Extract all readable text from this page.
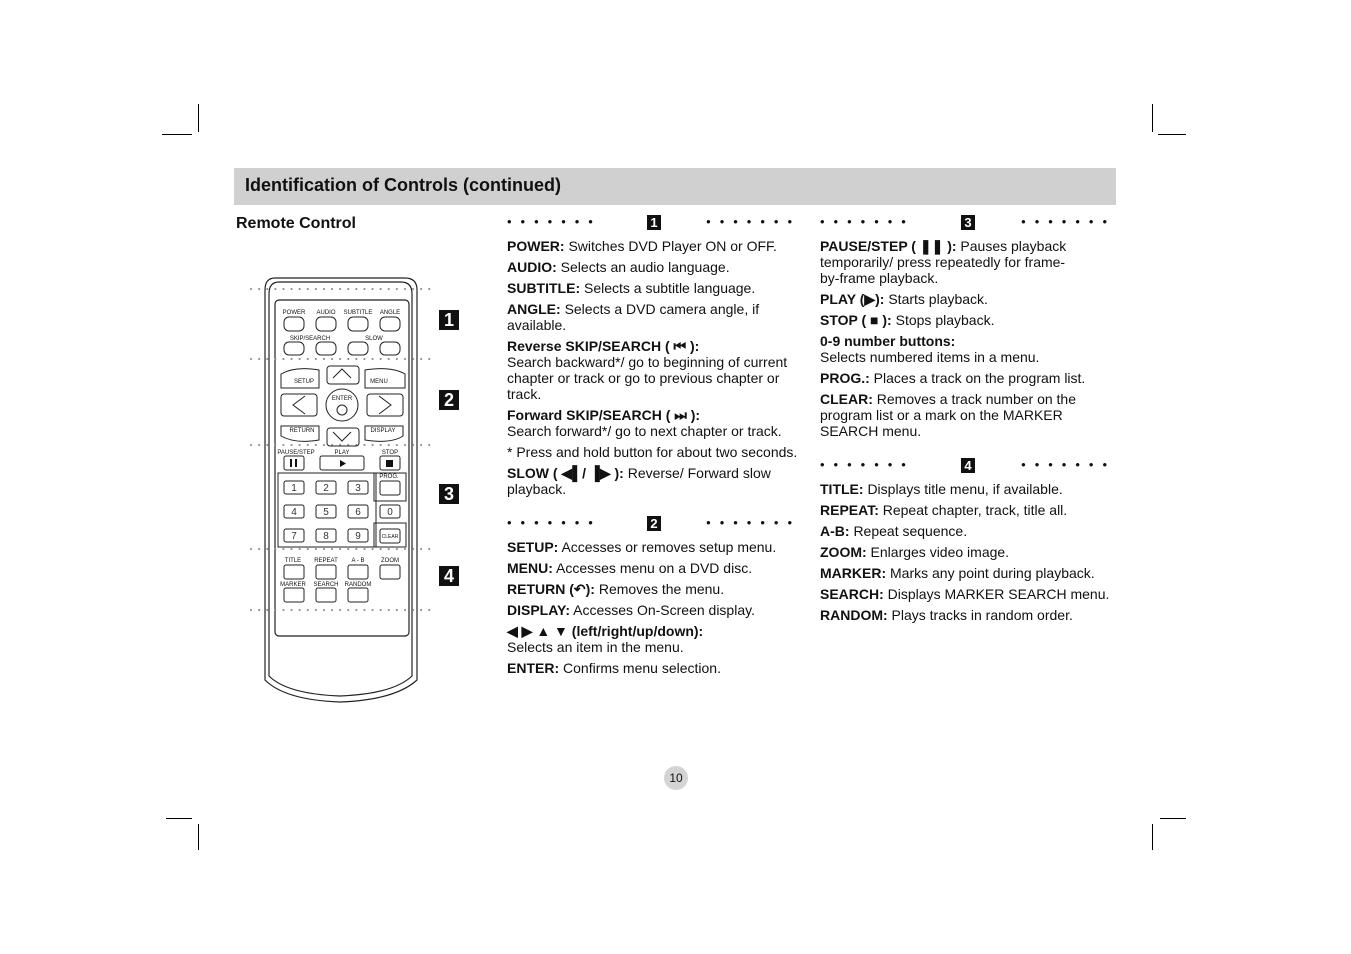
Identification of Controls (continued)
Remote Control
POWER AUDIO SUBTITLE ANGLE
SKIP/SEARCH	SLOW
SETUP	MENU
ENTER
RETURN	DISPLAY
PAUSE/STEP	PLAY	STOP
PROG.
TITLE REPEAT A - B	ZOOM
MARKER SEARCH RANDOM
1	2	3
4	5	6	0
7	8	9	CLEAR
1
2
3
4
•••••••	1	•••••••

POWER: Switches DVD Player ON or OFF.

AUDIO: Selects an audio language.

SUBTITLE: Selects a subtitle language.

ANGLE: Selects a DVD camera angle, if available.

Reverse SKIP/SEARCH ( ⏮ ):
Search backward*/ go to beginning of current chapter or track or go to previous chapter or track.

Forward SKIP/SEARCH ( ⏭ ):
Search forward*/ go to next chapter or track.

* Press and hold button for about two seconds.

SLOW ( ◀▌/ ▐▶ ): Reverse/ Forward slow playback.

•••••••	2	•••••••

SETUP: Accesses or removes setup menu.

MENU: Accesses menu on a DVD disc.

RETURN (↶): Removes the menu.

DISPLAY: Accesses On-Screen display.

◀ ▶ ▲ ▼ (left/right/up/down):
Selects an item in the menu.

ENTER: Confirms menu selection.

•••••••	3	•••••••

PAUSE/STEP ( ❚❚ ): Pauses playback temporarily/ press repeatedly for frame-by-frame playback.

PLAY (▶): Starts playback.

STOP ( ■ ): Stops playback.

0-9 number buttons:
Selects numbered items in a menu.

PROG.: Places a track on the program list.

CLEAR: Removes a track number on the program list or a mark on the MARKER SEARCH menu.

•••••••	4	•••••••

TITLE: Displays title menu, if available.

REPEAT: Repeat chapter, track, title all.

A-B: Repeat sequence.

ZOOM: Enlarges video image.

MARKER: Marks any point during playback.

SEARCH: Displays MARKER SEARCH menu.

RANDOM: Plays tracks in random order.

10
